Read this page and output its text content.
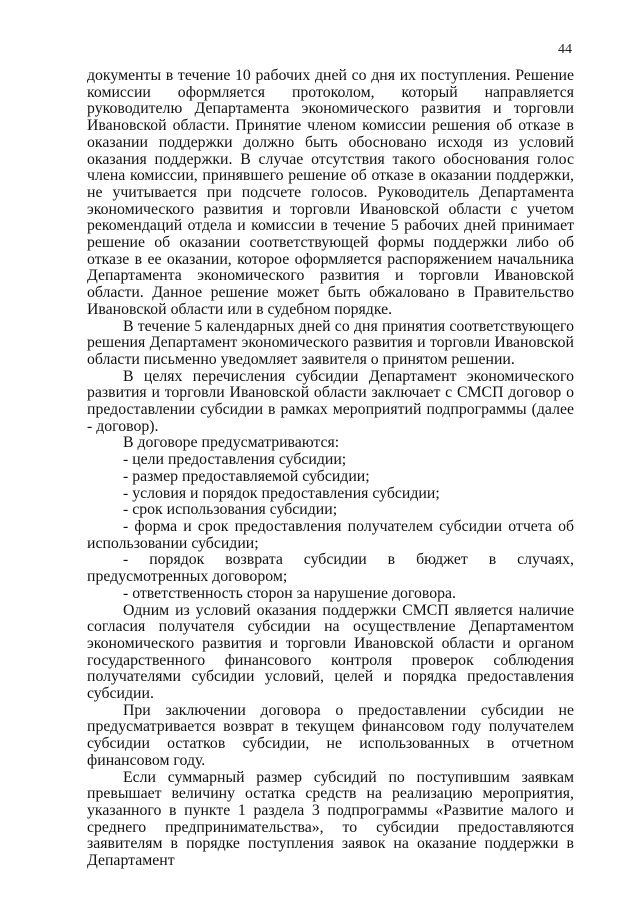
44

документы в течение 10 рабочих дней со дня их поступления. Решение комиссии оформляется протоколом, который направляется руководителю Департамента экономического развития и торговли Ивановской области. Принятие членом комиссии решения об отказе в оказании поддержки должно быть обосновано исходя из условий оказания поддержки. В случае отсутствия такого обоснования голос члена комиссии, принявшего решение об отказе в оказании поддержки, не учитывается при подсчете голосов. Руководитель Департамента экономического развития и торговли Ивановской области с учетом рекомендаций отдела и комиссии в течение 5 рабочих дней принимает решение об оказании соответствующей формы поддержки либо об отказе в ее оказании, которое оформляется распоряжением начальника Департамента экономического развития и торговли Ивановской области. Данное решение может быть обжаловано в Правительство Ивановской области или в судебном порядке.

В течение 5 календарных дней со дня принятия соответствующего решения Департамент экономического развития и торговли Ивановской области письменно уведомляет заявителя о принятом решении.

В целях перечисления субсидии Департамент экономического развития и торговли Ивановской области заключает с СМСП договор о предоставлении субсидии в рамках мероприятий подпрограммы (далее - договор).

В договоре предусматриваются:

- цели предоставления субсидии;

- размер предоставляемой субсидии;

- условия и порядок предоставления субсидии;

- срок использования субсидии;

- форма и срок предоставления получателем субсидии отчета об использовании субсидии;

- порядок возврата субсидии в бюджет в случаях, предусмотренных договором;

- ответственность сторон за нарушение договора.

Одним из условий оказания поддержки СМСП является наличие согласия получателя субсидии на осуществление Департаментом экономического развития и торговли Ивановской области и органом государственного финансового контроля проверок соблюдения получателями субсидии условий, целей и порядка предоставления субсидии.

При заключении договора о предоставлении субсидии не предусматривается возврат в текущем финансовом году получателем субсидии остатков субсидии, не использованных в отчетном финансовом году.

Если суммарный размер субсидий по поступившим заявкам превышает величину остатка средств на реализацию мероприятия, указанного в пункте 1 раздела 3 подпрограммы «Развитие малого и среднего предпринимательства», то субсидии предоставляются заявителям в порядке поступления заявок на оказание поддержки в Департамент
